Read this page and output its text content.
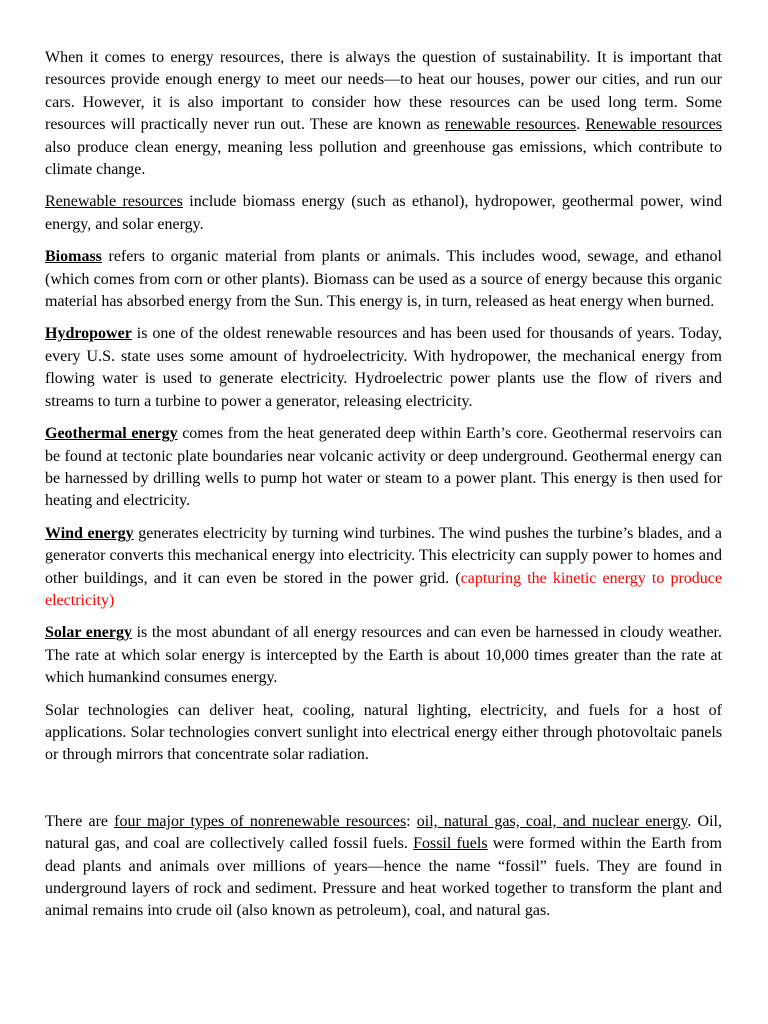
When it comes to energy resources, there is always the question of sustainability. It is important that resources provide enough energy to meet our needs—to heat our houses, power our cities, and run our cars. However, it is also important to consider how these resources can be used long term. Some resources will practically never run out. These are known as renewable resources. Renewable resources also produce clean energy, meaning less pollution and greenhouse gas emissions, which contribute to climate change.

Renewable resources include biomass energy (such as ethanol), hydropower, geothermal power, wind energy, and solar energy.

Biomass refers to organic material from plants or animals. This includes wood, sewage, and ethanol (which comes from corn or other plants). Biomass can be used as a source of energy because this organic material has absorbed energy from the Sun. This energy is, in turn, released as heat energy when burned.

Hydropower is one of the oldest renewable resources and has been used for thousands of years. Today, every U.S. state uses some amount of hydroelectricity. With hydropower, the mechanical energy from flowing water is used to generate electricity. Hydroelectric power plants use the flow of rivers and streams to turn a turbine to power a generator, releasing electricity.

Geothermal energy comes from the heat generated deep within Earth’s core. Geothermal reservoirs can be found at tectonic plate boundaries near volcanic activity or deep underground. Geothermal energy can be harnessed by drilling wells to pump hot water or steam to a power plant. This energy is then used for heating and electricity.

Wind energy generates electricity by turning wind turbines. The wind pushes the turbine’s blades, and a generator converts this mechanical energy into electricity. This electricity can supply power to homes and other buildings, and it can even be stored in the power grid. (capturing the kinetic energy to produce electricity)

Solar energy is the most abundant of all energy resources and can even be harnessed in cloudy weather. The rate at which solar energy is intercepted by the Earth is about 10,000 times greater than the rate at which humankind consumes energy.

Solar technologies can deliver heat, cooling, natural lighting, electricity, and fuels for a host of applications. Solar technologies convert sunlight into electrical energy either through photovoltaic panels or through mirrors that concentrate solar radiation.

There are four major types of nonrenewable resources: oil, natural gas, coal, and nuclear energy. Oil, natural gas, and coal are collectively called fossil fuels. Fossil fuels were formed within the Earth from dead plants and animals over millions of years—hence the name “fossil” fuels. They are found in underground layers of rock and sediment. Pressure and heat worked together to transform the plant and animal remains into crude oil (also known as petroleum), coal, and natural gas.
